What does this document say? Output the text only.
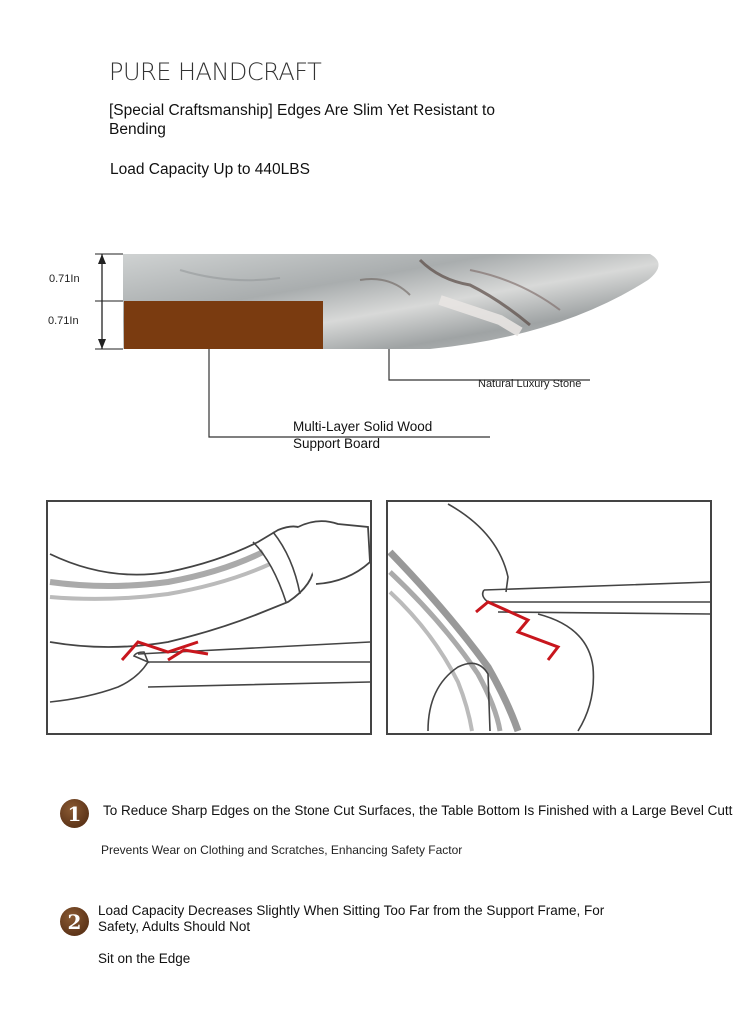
PURE HANDCRAFT
[Special Craftsmanship] Edges Are Slim Yet Resistant to Bending
Load Capacity Up to 440LBS
0.71In
0.71In
Natural Luxury Stone
Multi-Layer Solid Wood Support Board
1	To Reduce Sharp Edges on the Stone Cut Surfaces, the Table Bottom Is Finished with a Large Bevel Cutt
Prevents Wear on Clothing and Scratches, Enhancing Safety Factor
2	Load Capacity Decreases Slightly When Sitting Too Far from the Support Frame, For Safety, Adults Should Not
Sit on the Edge
